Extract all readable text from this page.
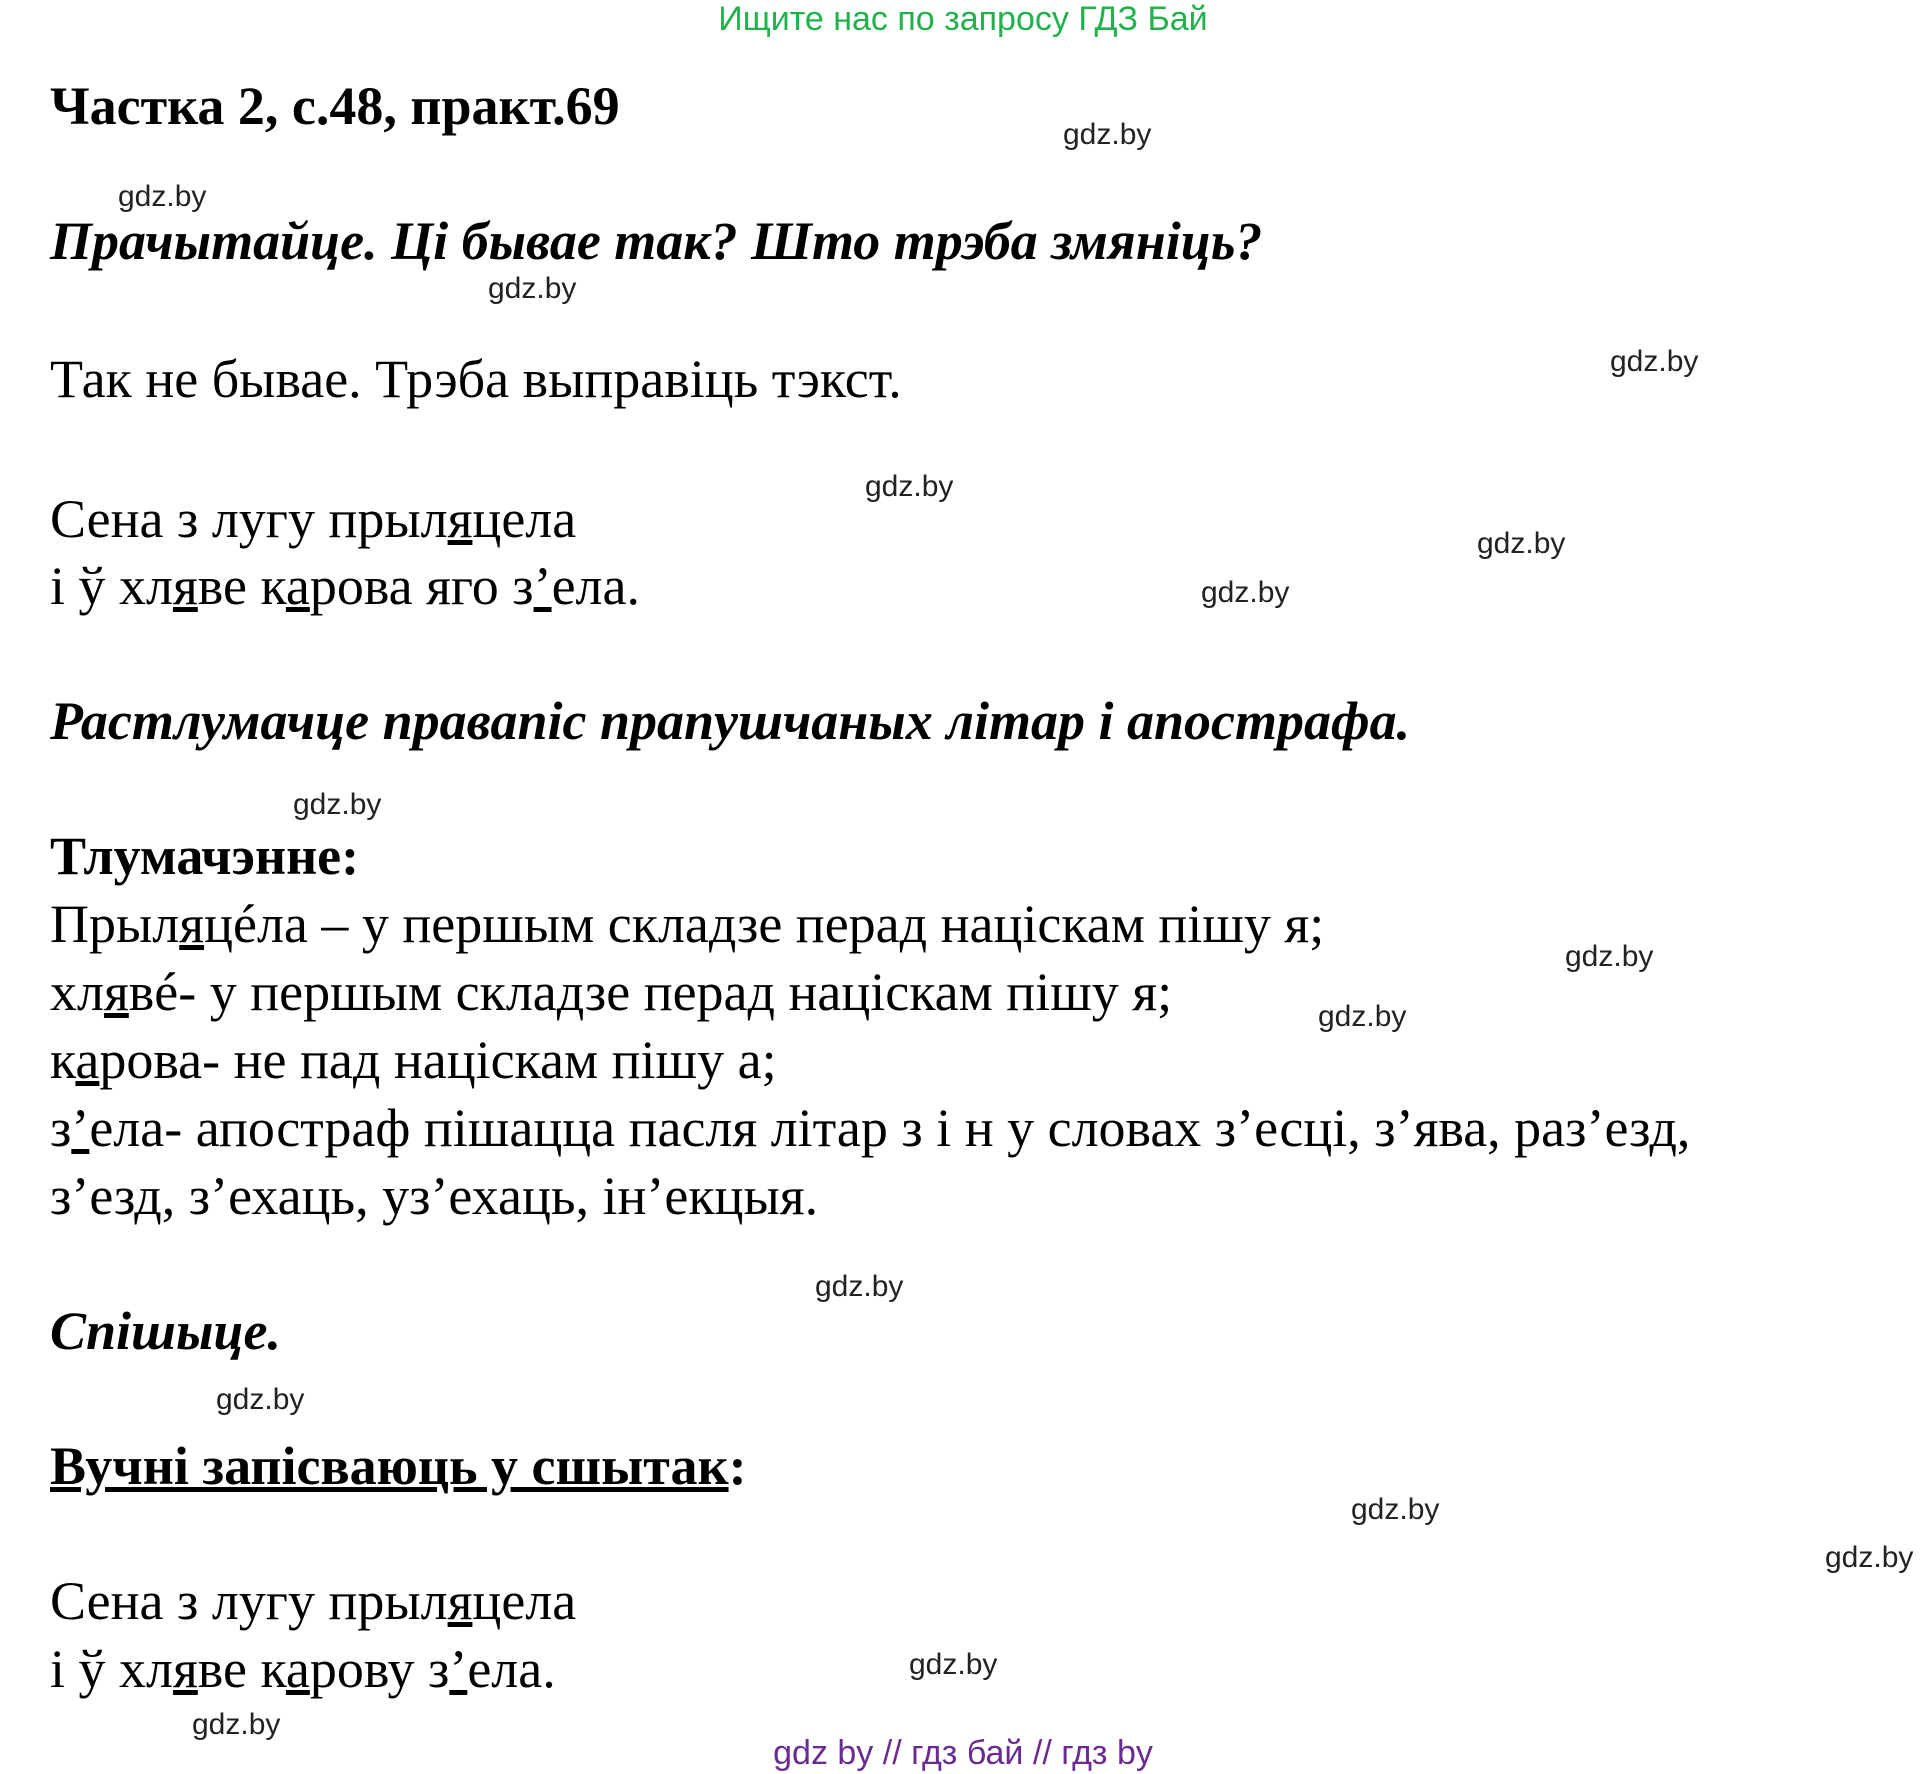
Ищите нас по запросу ГДЗ Бай
Частка 2, с.48, практ.69
Прачытайце. Ці бывае так? Што трэба змяніць?
Так не бывае. Трэба выправіць тэкст.
Сена з лугу прыляцела
і ў хляве карова яго з’ела.
Растлумачце правапіс прапушчаных літар і апострафа.
Тлумачэнне:
Прыляцéла – у першым складзе перад націскам пішу я;
хлявé- у першым складзе перад націскам пішу я;
карова- не пад націскам пішу а;
з’ела- апостраф пішацца пасля літар з і н у словах з’есці, з’ява, раз’езд,
з’езд, з’ехаць, уз’ехаць, ін’екцыя.
Спішыце.
Вучні запісваюць у сшытак:
Сена з лугу прыляцела
і ў хляве карову з’ела.
gdz.by
gdz.by
gdz.by
gdz.by
gdz.by
gdz.by
gdz.by
gdz.by
gdz.by
gdz.by
gdz.by
gdz.by
gdz.by
gdz.by
gdz.by
gdz.by
gdz by // гдз бай // гдз by
